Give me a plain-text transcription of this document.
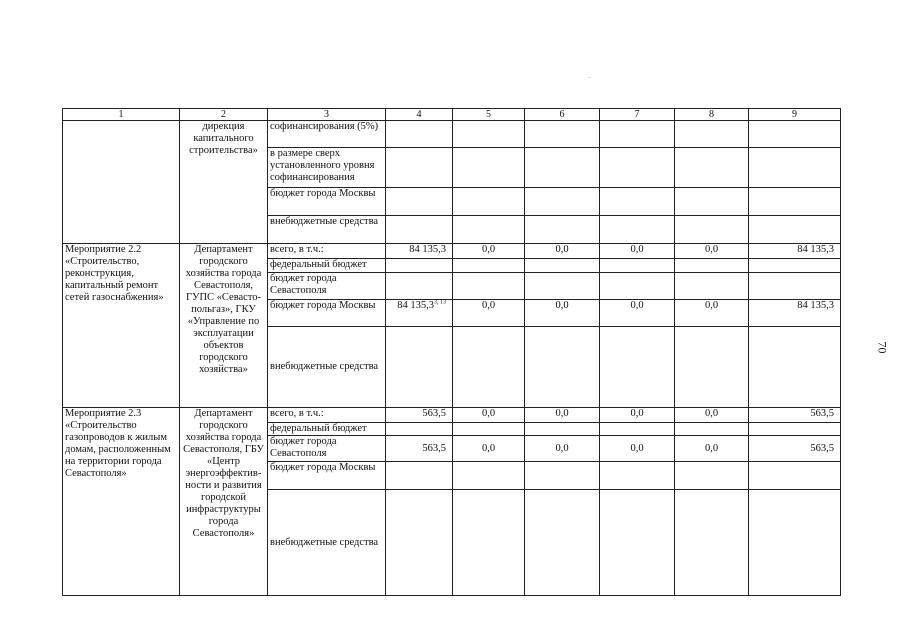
..
1	2	3	4	5	6	7	8	9
	дирекция капитального строительства»	софинансирования (5%)						
		в размере сверх установленного уровня софинансирования						
		бюджет города Москвы						
		внебюджетные средства						
Мероприятие 2.2 «Строительство, реконструкция, капитальный ремонт сетей газоснабжения»	Департамент городского хозяйства города Севастополя, ГУПС «Севасто-польгаз», ГКУ «Управление по эксплуатации объектов городского хозяйства»	всего, в т.ч.:	84 135,3	0,0	0,0	0,0	0,0	84 135,3
		федеральный бюджет						
		бюджет города Севастополя						
		бюджет города Москвы	84 135,3$^{3, 13}$	0,0	0,0	0,0	0,0	84 135,3
		внебюджетные средства						
Мероприятие 2.3 «Строительство газопроводов к жилым домам, расположенным на территории города Севастополя»	Департамент городского хозяйства города Севастополя, ГБУ «Центр энергоэффектив-ности и развития городской инфраструктуры города Севастополя»	всего, в т.ч.:	563,5	0,0	0,0	0,0	0,0	563,5
		федеральный бюджет						
		бюджет города Севастополя	563,5	0,0	0,0	0,0	0,0	563,5
		бюджет города Москвы						
		внебюджетные средства						
70
